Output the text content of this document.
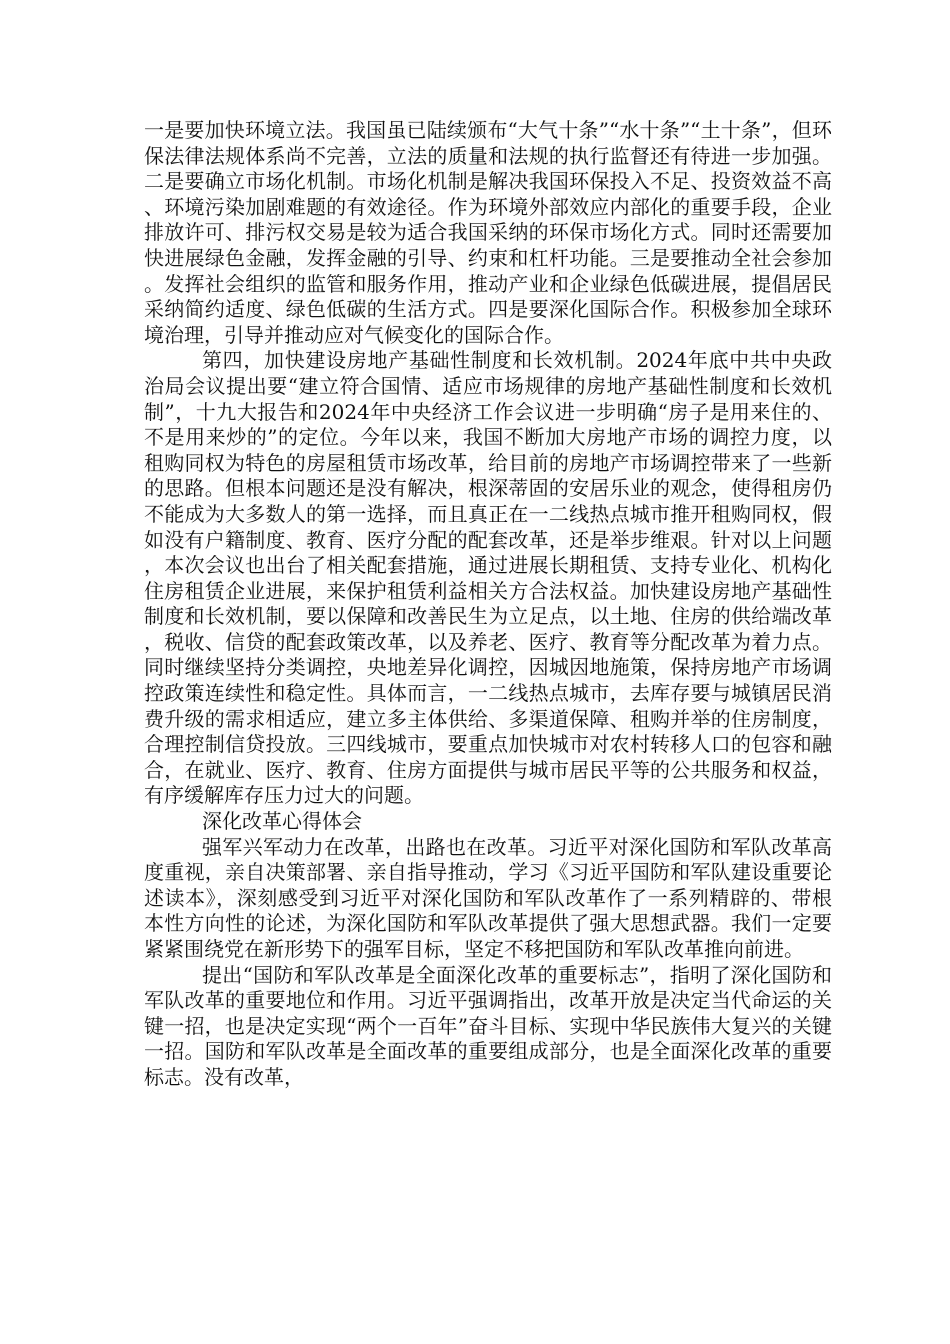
一是要加快环境立法。我国虽已陆续颁布“大气十条”“水十条”“土十条”，但环保法律法规体系尚不完善，立法的质量和法规的执行监督还有待进一步加强。二是要确立市场化机制。市场化机制是解决我国环保投入不足、投资效益不高、环境污染加剧难题的有效途径。作为环境外部效应内部化的重要手段，企业排放许可、排污权交易是较为适合我国采纳的环保市场化方式。同时还需要加快进展绿色金融，发挥金融的引导、约束和杠杆功能。三是要推动全社会参加。发挥社会组织的监管和服务作用，推动产业和企业绿色低碳进展，提倡居民采纳简约适度、绿色低碳的生活方式。四是要深化国际合作。积极参加全球环境治理，引导并推动应对气候变化的国际合作。

第四，加快建设房地产基础性制度和长效机制。2024年底中共中央政治局会议提出要“建立符合国情、适应市场规律的房地产基础性制度和长效机制”，十九大报告和2024年中央经济工作会议进一步明确“房子是用来住的、不是用来炒的”的定位。今年以来，我国不断加大房地产市场的调控力度，以租购同权为特色的房屋租赁市场改革，给目前的房地产市场调控带来了一些新的思路。但根本问题还是没有解决，根深蒂固的安居乐业的观念，使得租房仍不能成为大多数人的第一选择，而且真正在一二线热点城市推开租购同权，假如没有户籍制度、教育、医疗分配的配套改革，还是举步维艰。针对以上问题，本次会议也出台了相关配套措施，通过进展长期租赁、支持专业化、机构化住房租赁企业进展，来保护租赁利益相关方合法权益。加快建设房地产基础性制度和长效机制，要以保障和改善民生为立足点，以土地、住房的供给端改革，税收、信贷的配套政策改革，以及养老、医疗、教育等分配改革为着力点。同时继续坚持分类调控，央地差异化调控，因城因地施策，保持房地产市场调控政策连续性和稳定性。具体而言，一二线热点城市，去库存要与城镇居民消费升级的需求相适应，建立多主体供给、多渠道保障、租购并举的住房制度，合理控制信贷投放。三四线城市，要重点加快城市对农村转移人口的包容和融合，在就业、医疗、教育、住房方面提供与城市居民平等的公共服务和权益，有序缓解库存压力过大的问题。

深化改革心得体会

强军兴军动力在改革，出路也在改革。习近平对深化国防和军队改革高度重视，亲自决策部署、亲自指导推动，学习《习近平国防和军队建设重要论述读本》，深刻感受到习近平对深化国防和军队改革作了一系列精辟的、带根本性方向性的论述，为深化国防和军队改革提供了强大思想武器。我们一定要紧紧围绕党在新形势下的强军目标，坚定不移把国防和军队改革推向前进。

提出“国防和军队改革是全面深化改革的重要标志”，指明了深化国防和军队改革的重要地位和作用。习近平强调指出，改革开放是决定当代命运的关键一招，也是决定实现“两个一百年”奋斗目标、实现中华民族伟大复兴的关键一招。国防和军队改革是全面改革的重要组成部分，也是全面深化改革的重要标志。没有改革，
